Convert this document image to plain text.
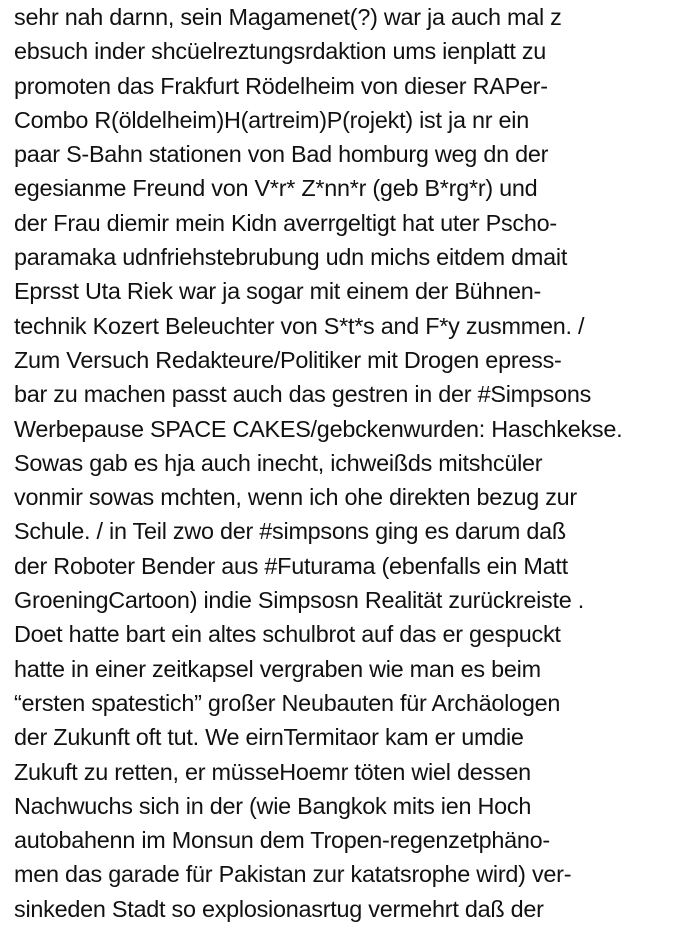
sehr nah darnn, sein Magamenet(?) war ja auch mal z
ebsuch inder shcüelreztungsrdaktion ums ienplatt zu
promoten das Frakfurt Rödelheim von dieser RAPer-
Combo R(öldelheim)H(artreim)P(rojekt) ist ja nr ein
paar S-Bahn stationen von Bad homburg weg dn der
egesianme Freund von V*r* Z*nn*r (geb B*rg*r) und
der Frau diemir mein Kidn averrgeltigt hat uter Pscho-
paramaka udnfriehstebrubung udn michs eitdem dmait
Eprsst Uta Riek war ja sogar mit einem der Bühnen-
technik Kozert Beleuchter von S*t*s and F*y zusmmen. /
Zum Versuch Redakteure/Politiker mit Drogen epress-
bar zu machen passt auch das gestren in der #Simpsons
Werbepause SPACE CAKES/gebckenwurden: Haschkekse.
Sowas gab es hja auch inecht, ichweißds mitshcüler
vonmir sowas mchten, wenn ich ohe direkten bezug zur
Schule. / in Teil zwo der #simpsons ging es darum daß
der Roboter Bender aus #Futurama (ebenfalls ein Matt
GroeningCartoon) indie Simpsosn Realität zurückreiste .
Doet hatte bart ein altes schulbrot auf das er gespuckt
hatte in einer zeitkapsel vergraben wie man es beim
“ersten spatestich” großer Neubauten für Archäologen
der Zukunft oft tut. We eirnTermitaor kam er umdie
Zukuft zu retten, er müsseHoemr töten wiel dessen
Nachwuchs sich in der (wie Bangkok mits ien Hoch
autobahenn im Monsun dem Tropen-regenzetphäno-
men das garade für Pakistan zur katatsrophe wird) ver-
sinkeden Stadt so explosionasrtug vermehrt daß der
